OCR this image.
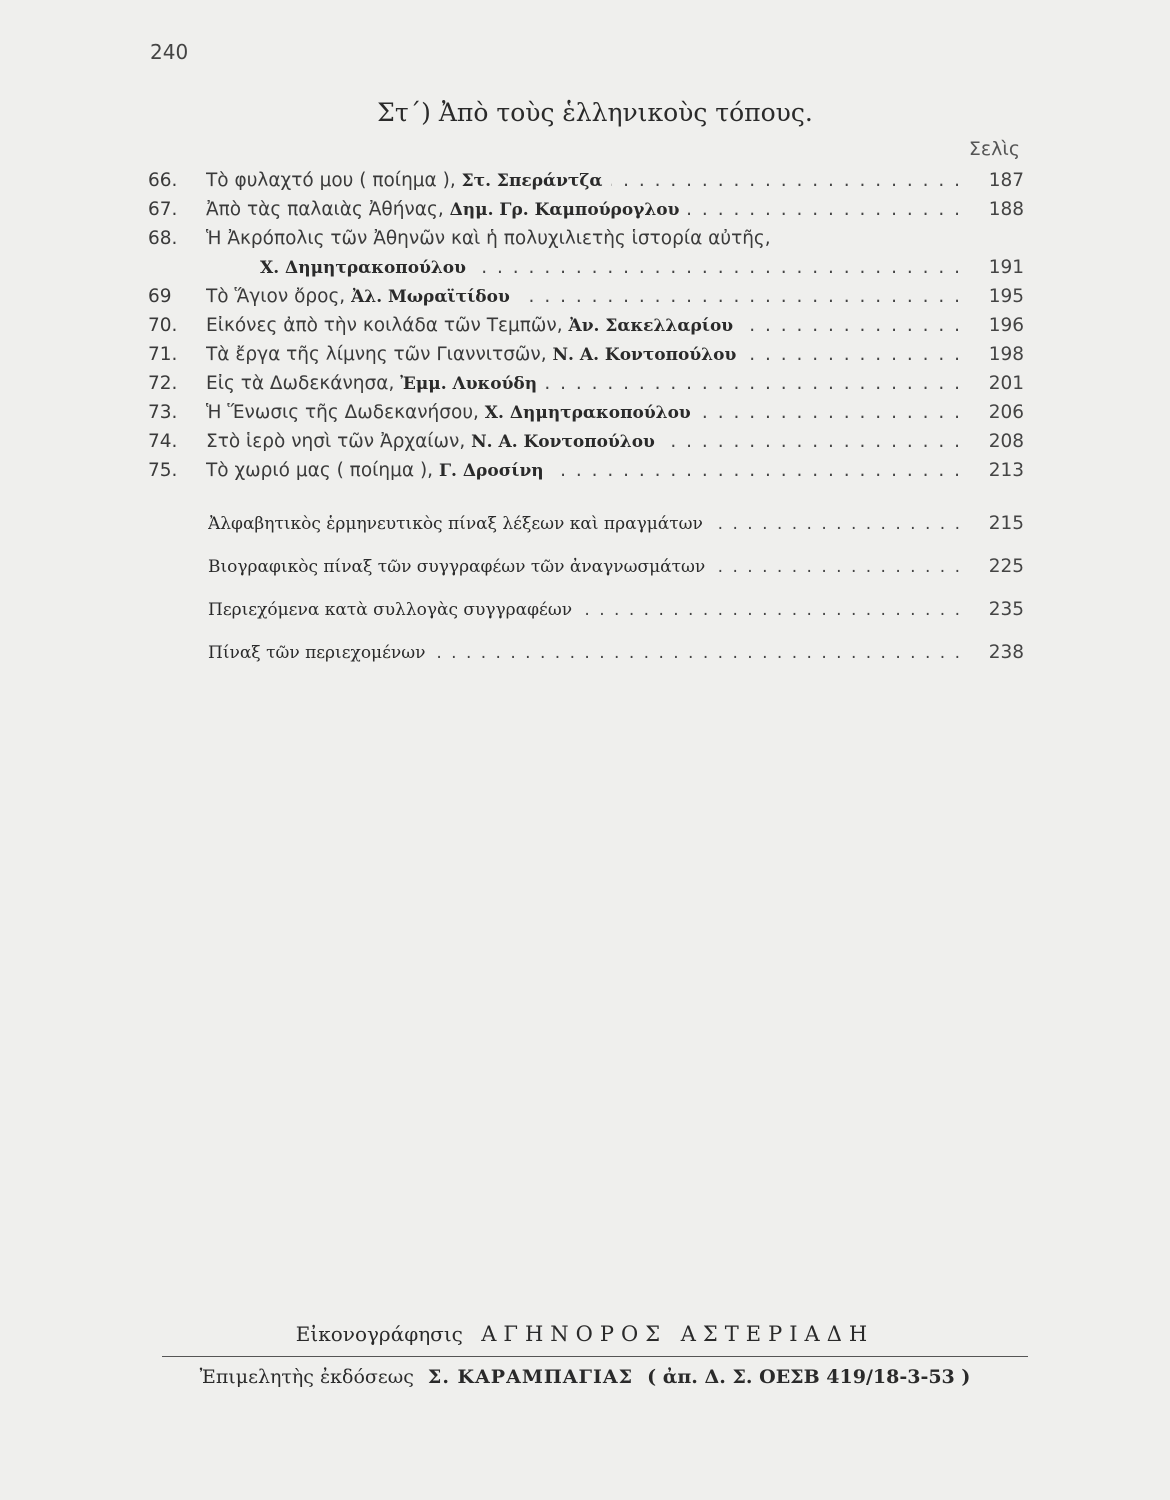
240
Στ΄) Ἀπὸ τοὺς ἑλληνικοὺς τόπους.
Σελὶς
66.	Τὸ φυλαχτό μου ( ποίημα ), Στ. Σπεράντζα . . .	187
67.	Ἀπὸ τὰς παλαιὰς Ἀθήνας, Δημ. Γρ. Καμπούρογλου . . .	188
68.	Ἡ Ἀκρόπολις τῶν Ἀθηνῶν καὶ ἡ πολυχιλιετὴς ἱστορία αὐτῆς,
Χ. Δημητρακοπούλου . . .	191
69	Τὸ Ἅγιον ὄρος, Ἀλ. Μωραϊτίδου . . .	195
70.	Εἰκόνες ἀπὸ τὴν κοιλάδα τῶν Τεμπῶν, Ἀν. Σακελλαρίου . . .	196
71.	Τὰ ἔργα τῆς λίμνης τῶν Γιαννιτσῶν, Ν. Α. Κοντοπούλου . . .	198
72.	Εἰς τὰ Δωδεκάνησα, Ἐμμ. Λυκούδη . . .	201
73.	Ἡ Ἕνωσις τῆς Δωδεκανήσου, Χ. Δημητρακοπούλου . . .	206
74.	Στὸ ἱερὸ νησὶ τῶν Ἀρχαίων, Ν. Α. Κοντοπούλου . . .	208
75.	Τὸ χωριό μας ( ποίημα ), Γ. Δροσίνη . . .	213
Ἀλφαβητικὸς ἑρμηνευτικὸς πίναξ λέξεων καὶ πραγμάτων . . .	215
Βιογραφικὸς πίναξ τῶν συγγραφέων τῶν ἀναγνωσμάτων . . .	225
Περιεχόμενα κατὰ συλλογὰς συγγραφέων . . .	235
Πίναξ τῶν περιεχομένων . . .	238
Εἰκονογράφησις ΑΓΗΝΟΡΟΣ ΑΣΤΕΡΙΑΔΗ
Ἐπιμελητὴς ἐκδόσεως Σ. ΚΑΡΑΜΠΑΓΙΑΣ ( ἀπ. Δ. Σ. ΟΕΣΒ 419/18-3-53 )
